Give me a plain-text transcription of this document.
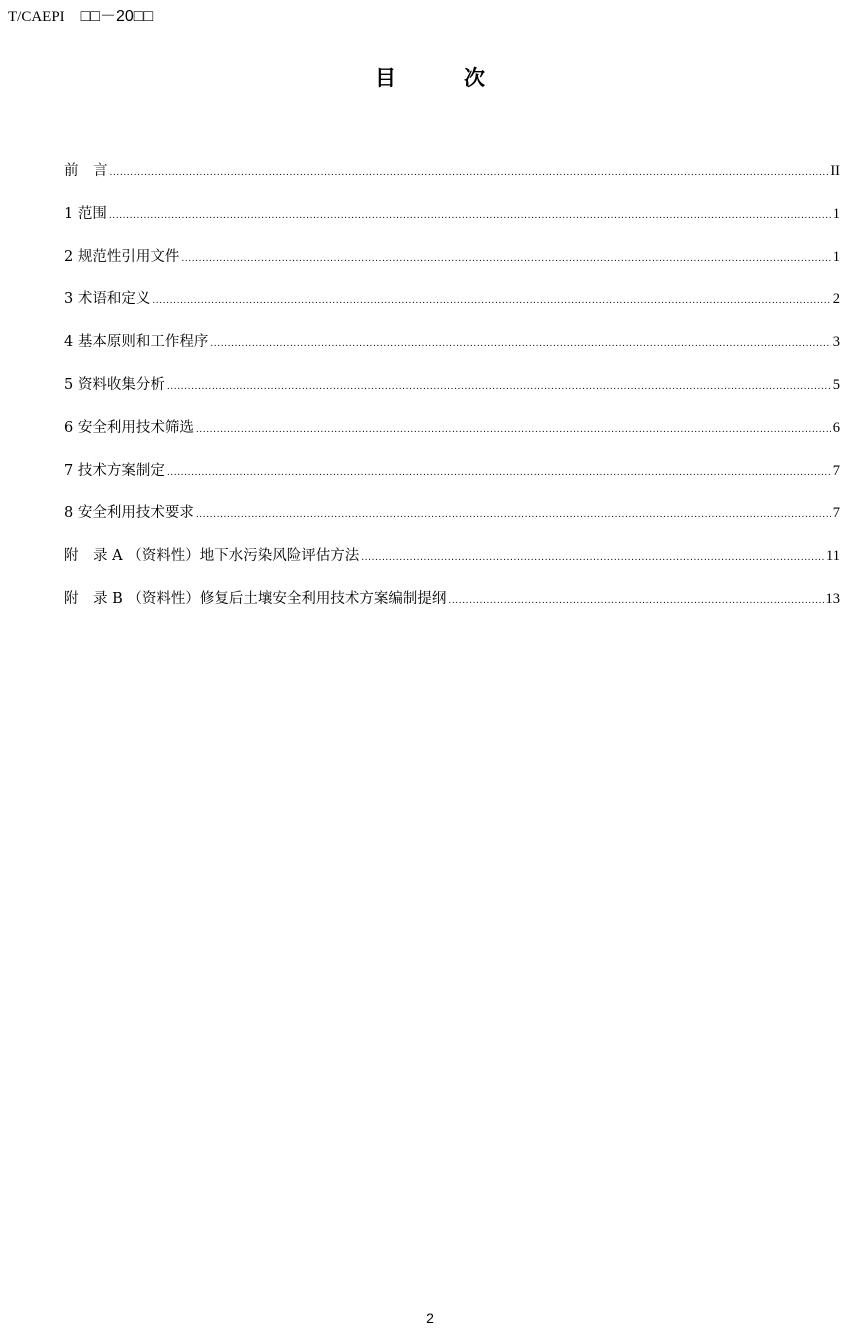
T/CAEPI □□－20□□
目次
前　言 .....	II
1 范围 .....	1
2 规范性引用文件 .....	1
3 术语和定义 .....	2
4 基本原则和工作程序 .....	3
5 资料收集分析 .....	5
6 安全利用技术筛选 .....	6
7 技术方案制定 .....	7
8 安全利用技术要求 .....	7
附　录 A （资料性）地下水污染风险评估方法 .....	11
附　录 B （资料性）修复后土壤安全利用技术方案编制提纲 .....	13
2
